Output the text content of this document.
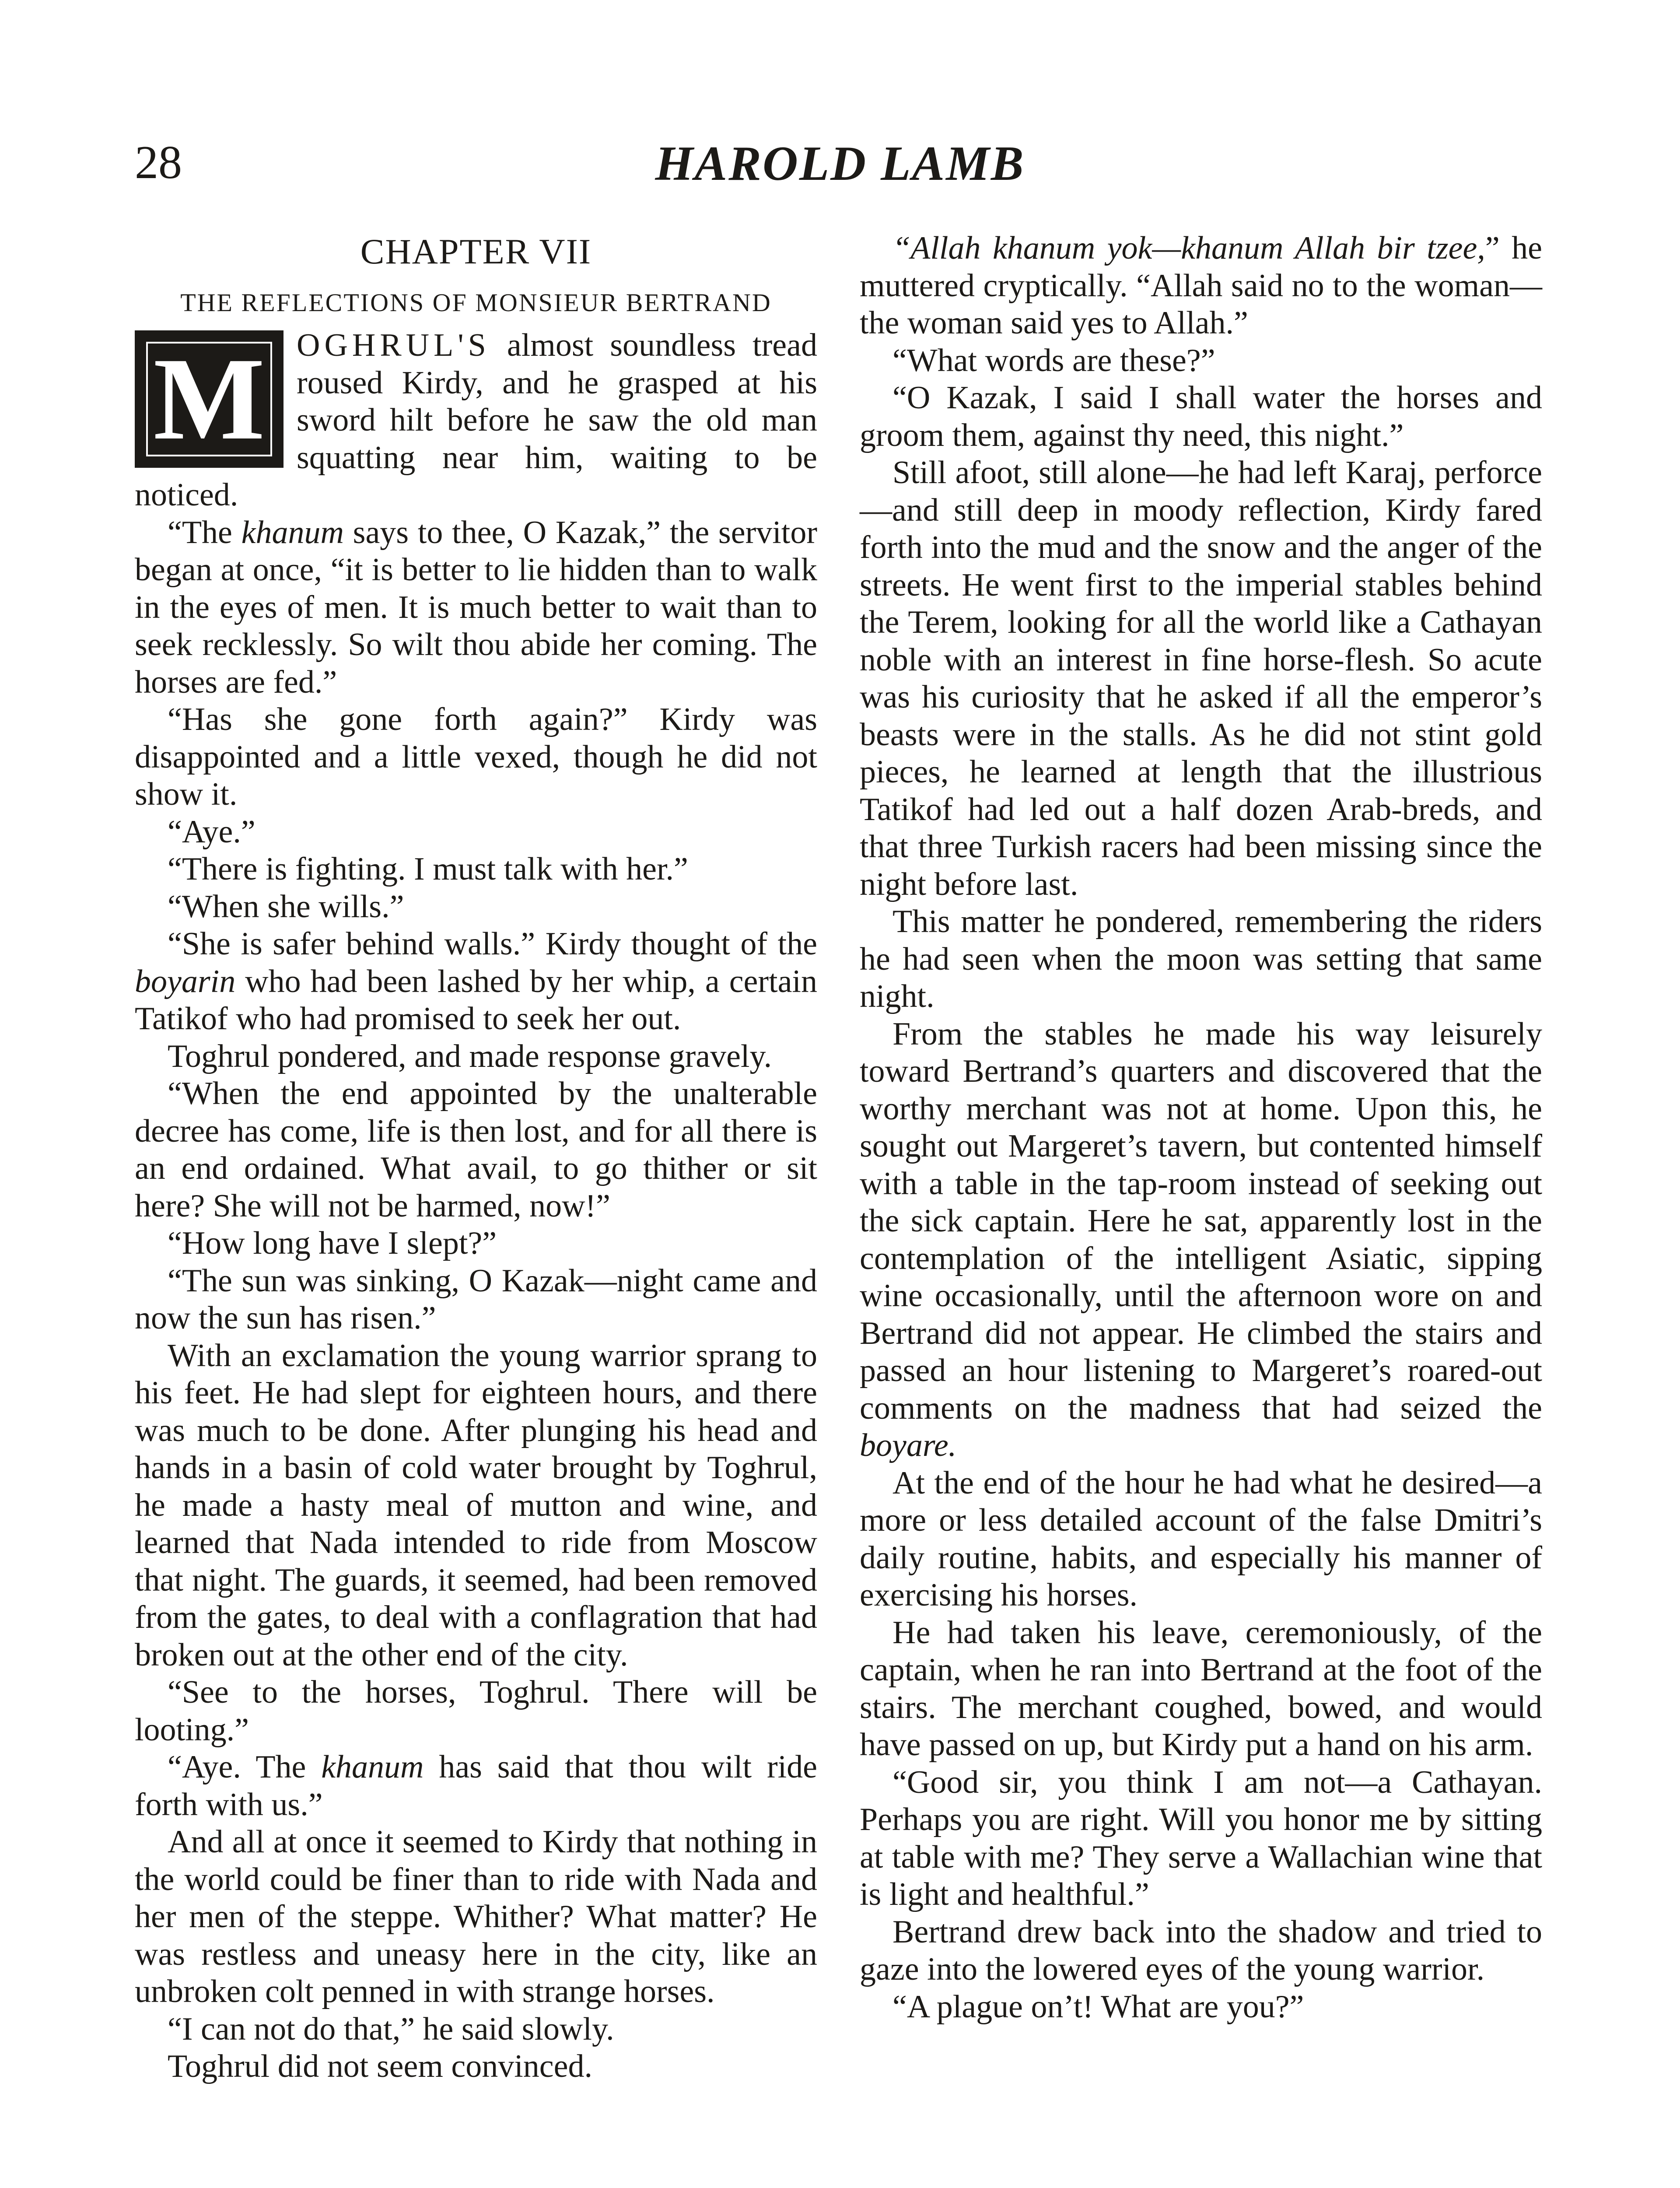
28	HAROLD LAMB
CHAPTER VII
THE REFLECTIONS OF MONSIEUR BERTRAND

M OGHRUL'S almost soundless tread roused Kirdy, and he grasped at his sword hilt before he saw the old man squatting near him, waiting to be noticed.

“The khanum says to thee, O Kazak,” the servitor began at once, “it is better to lie hidden than to walk in the eyes of men. It is much better to wait than to seek recklessly. So wilt thou abide her coming. The horses are fed.”

“Has she gone forth again?” Kirdy was disappointed and a little vexed, though he did not show it.

“Aye.”

“There is fighting. I must talk with her.”

“When she wills.”

“She is safer behind walls.” Kirdy thought of the boyarin who had been lashed by her whip, a certain Tatikof who had promised to seek her out.

Toghrul pondered, and made response gravely.

“When the end appointed by the unalterable decree has come, life is then lost, and for all there is an end ordained. What avail, to go thither or sit here? She will not be harmed, now!”

“How long have I slept?”

“The sun was sinking, O Kazak—night came and now the sun has risen.”

With an exclamation the young warrior sprang to his feet. He had slept for eighteen hours, and there was much to be done. After plunging his head and hands in a basin of cold water brought by Toghrul, he made a hasty meal of mutton and wine, and learned that Nada intended to ride from Moscow that night. The guards, it seemed, had been removed from the gates, to deal with a conflagration that had broken out at the other end of the city.

“See to the horses, Toghrul. There will be looting.”

“Aye. The khanum has said that thou wilt ride forth with us.”

And all at once it seemed to Kirdy that nothing in the world could be finer than to ride with Nada and her men of the steppe. Whither? What matter? He was restless and uneasy here in the city, like an unbroken colt penned in with strange horses.

“I can not do that,” he said slowly.

Toghrul did not seem convinced.

“Allah khanum yok—khanum Allah bir tzee,” he muttered cryptically. “Allah said no to the woman—the woman said yes to Allah.”

“What words are these?”

“O Kazak, I said I shall water the horses and groom them, against thy need, this night.”

Still afoot, still alone—he had left Karaj, perforce—and still deep in moody reflection, Kirdy fared forth into the mud and the snow and the anger of the streets. He went first to the imperial stables behind the Terem, looking for all the world like a Cathayan noble with an interest in fine horse-flesh. So acute was his curiosity that he asked if all the emperor’s beasts were in the stalls. As he did not stint gold pieces, he learned at length that the illustrious Tatikof had led out a half dozen Arab-breds, and that three Turkish racers had been missing since the night before last.

This matter he pondered, remembering the riders he had seen when the moon was setting that same night.

From the stables he made his way leisurely toward Bertrand’s quarters and discovered that the worthy merchant was not at home. Upon this, he sought out Margeret’s tavern, but contented himself with a table in the tap-room instead of seeking out the sick captain. Here he sat, apparently lost in the contemplation of the intelligent Asiatic, sipping wine occasionally, until the afternoon wore on and Bertrand did not appear. He climbed the stairs and passed an hour listening to Margeret’s roared-out comments on the madness that had seized the boyare.

At the end of the hour he had what he desired—a more or less detailed account of the false Dmitri’s daily routine, habits, and especially his manner of exercising his horses.

He had taken his leave, ceremoniously, of the captain, when he ran into Bertrand at the foot of the stairs. The merchant coughed, bowed, and would have passed on up, but Kirdy put a hand on his arm.

“Good sir, you think I am not—a Cathayan. Perhaps you are right. Will you honor me by sitting at table with me? They serve a Wallachian wine that is light and healthful.”

Bertrand drew back into the shadow and tried to gaze into the lowered eyes of the young warrior.

“A plague on’t! What are you?”
